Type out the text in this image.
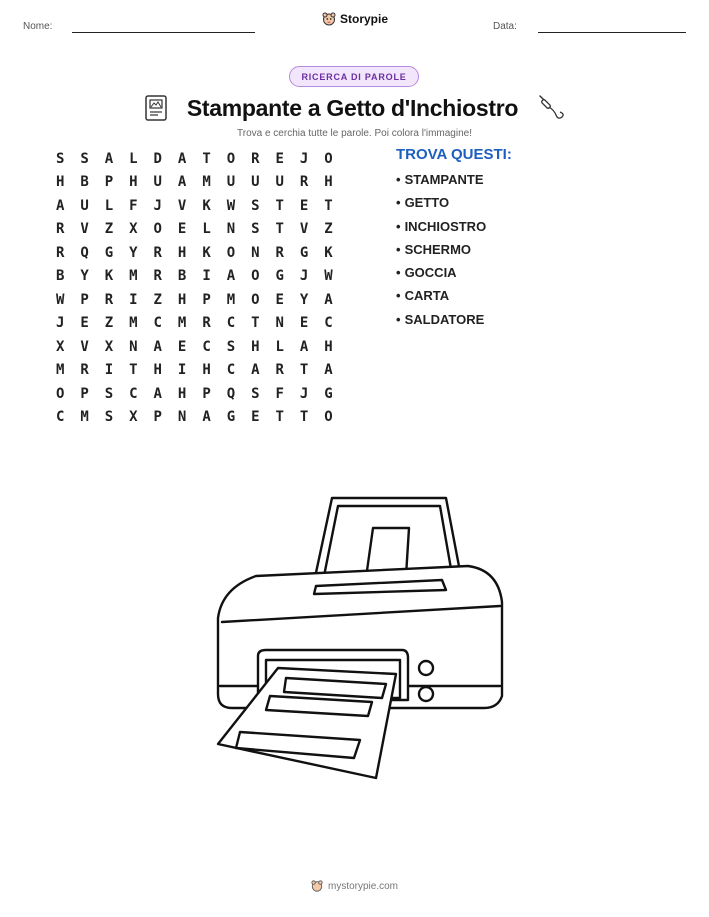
Nome:
Storypie
Data:
RICERCA DI PAROLE
Stampante a Getto d'Inchiostro
Trova e cerchia tutte le parole. Poi colora l'immagine!
S	S	A	L	D	A	T	O	R	E	J	O
H	B	P	H	U	A	M	U	U	U	R	H
A	U	L	F	J	V	K	W	S	T	E	T
R	V	Z	X	O	E	L	N	S	T	V	Z
R	Q	G	Y	R	H	K	O	N	R	G	K
B	Y	K	M	R	B	I	A	O	G	J	W
W	P	R	I	Z	H	P	M	O	E	Y	A
J	E	Z	M	C	M	R	C	T	N	E	C
X	V	X	N	A	E	C	S	H	L	A	H
M	R	I	T	H	I	H	C	A	R	T	A
O	P	S	C	A	H	P	Q	S	F	J	G
C	M	S	X	P	N	A	G	E	T	T	O
TROVA QUESTI:
• STAMPANTE
• GETTO
• INCHIOSTRO
• SCHERMO
• GOCCIA
• CARTA
• SALDATORE
mystorypie.com
